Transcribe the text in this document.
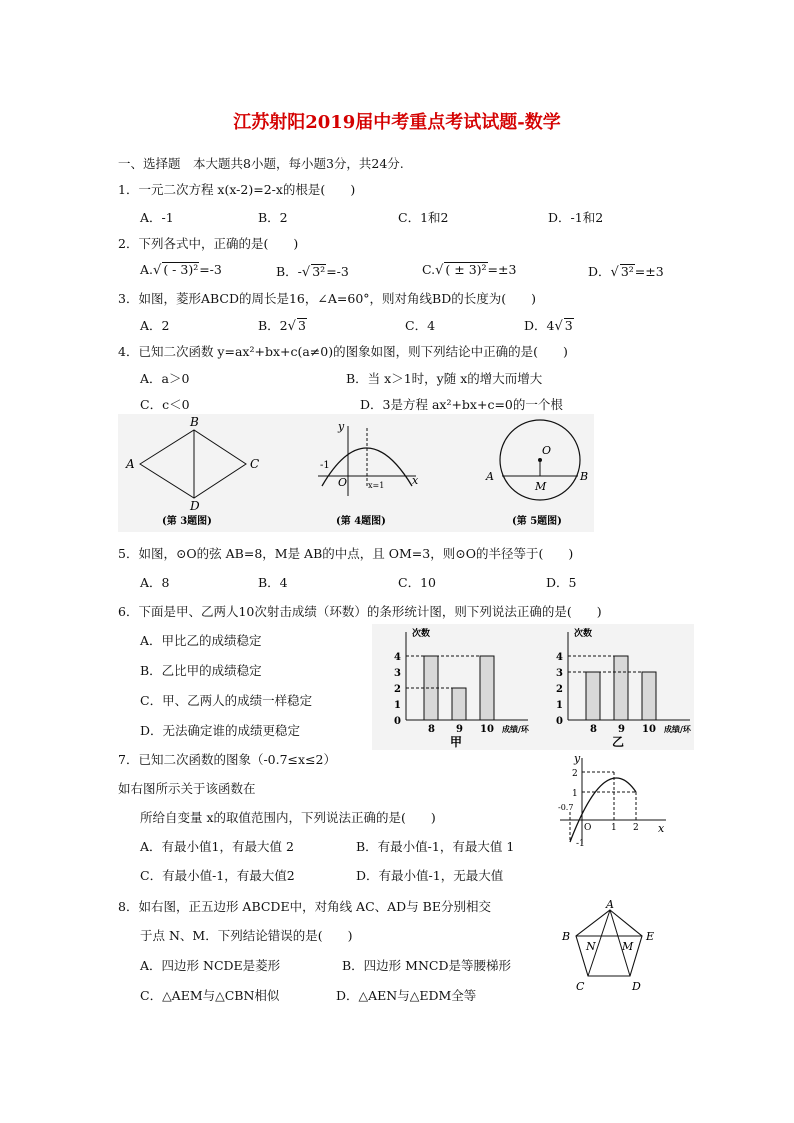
江苏射阳2019届中考重点考试试题-数学
一、选择题　本大题共8小题，每小题3分，共24分.
1．一元二次方程 x(x-2)=2-x的根是(　　)
A．-1	B．2	C．1和2	D．-1和2
2．下列各式中，正确的是(　　)
A.√ ( - 3)²=-3	B．-√ 3²=-3	C.√ ( ± 3)²=±3	D．√ 3²=±3
3．如图，菱形ABCD的周长是16，∠A=60°，则对角线BD的长度为(　　)
A．2	B．2√ 3	C．4	D．4√ 3
4．已知二次函数 y=ax²+bx+c(a≠0)的图象如图，则下列结论中正确的是(　　)
A．a＞0	B．当 x＞1时，y随 x的增大而增大
C．c＜0	D．3是方程 ax²+bx+c=0的一个根
A
B
C
D
(第 3题图)
y
x
-1
O	x=1
(第 4题图)
O
A	B
M
(第 5题图)
5．如图，⊙O的弦 AB=8，M是 AB的中点，且 OM=3，则⊙O的半径等于(　　)
A．8	B．4	C．10	D．5
6．下面是甲、乙两人10次射击成绩（环数）的条形统计图，则下列说法正确的是(　　)
A．甲比乙的成绩稳定
B．乙比甲的成绩稳定
C．甲、乙两人的成绩一样稳定
D．无法确定谁的成绩更稳定
次数
成绩/环
甲
0
1
2
3
4
8 9 10
次数
成绩/环
乙
0
1
2
3
4
8 9 10
7．已知二次函数的图象（-0.7≤x≤2）
如右图所示关于该函数在
所给自变量 x的取值范围内，下列说法正确的是(　　)
A．有最小值1，有最大值 2	B．有最小值-1，有最大值 1
C．有最小值-1，有最大值2	D．有最小值-1，无最大值
y
x
2
1
-0.7
O 1 2
-1
8．如右图，正五边形 ABCDE中，对角线 AC、AD与 BE分别相交
于点 N、M．下列结论错误的是(　　)
A．四边形 NCDE是菱形	B．四边形 MNCD是等腰梯形
C．△AEM与△CBN相似	D．△AEN与△EDM全等
A
B	E
N M
C	D
